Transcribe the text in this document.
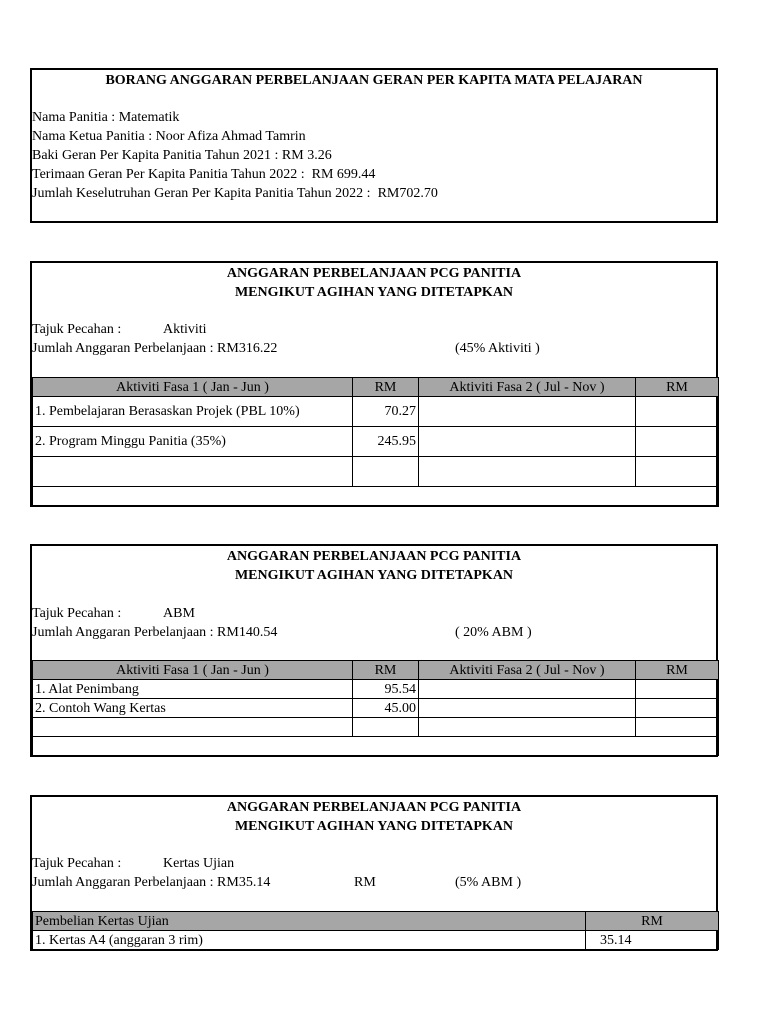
BORANG ANGGARAN PERBELANJAAN GERAN PER KAPITA MATA PELAJARAN
Nama Panitia : Matematik
Nama Ketua Panitia : Noor Afiza Ahmad Tamrin
Baki Geran Per Kapita Panitia Tahun 2021 : RM 3.26
Terimaan Geran Per Kapita Panitia Tahun 2022 :  RM 699.44
Jumlah Keselutruhan Geran Per Kapita Panitia Tahun 2022 :  RM702.70
ANGGARAN PERBELANJAAN PCG PANITIA
MENGIKUT AGIHAN YANG DITETAPKAN
Tajuk Pecahan :	Aktiviti
Jumlah Anggaran Perbelanjaan : RM316.22	(45% Aktiviti )
Aktiviti Fasa 1 ( Jan - Jun )	RM	Aktiviti Fasa 2 ( Jul - Nov )	RM
1. Pembelajaran Berasaskan Projek (PBL 10%)	70.27		
2. Program Minggu Panitia (35%)	245.95		

ANGGARAN PERBELANJAAN PCG PANITIA
MENGIKUT AGIHAN YANG DITETAPKAN
Tajuk Pecahan :	ABM
Jumlah Anggaran Perbelanjaan : RM140.54	( 20% ABM )
Aktiviti Fasa 1 ( Jan - Jun )	RM	Aktiviti Fasa 2 ( Jul - Nov )	RM
1. Alat Penimbang	95.54		
2. Contoh Wang Kertas	45.00		

ANGGARAN PERBELANJAAN PCG PANITIA
MENGIKUT AGIHAN YANG DITETAPKAN
Tajuk Pecahan :	Kertas Ujian
Jumlah Anggaran Perbelanjaan : RM35.14	RM	(5% ABM )
Pembelian Kertas Ujian	RM
1. Kertas A4 (anggaran 3 rim)	35.14
